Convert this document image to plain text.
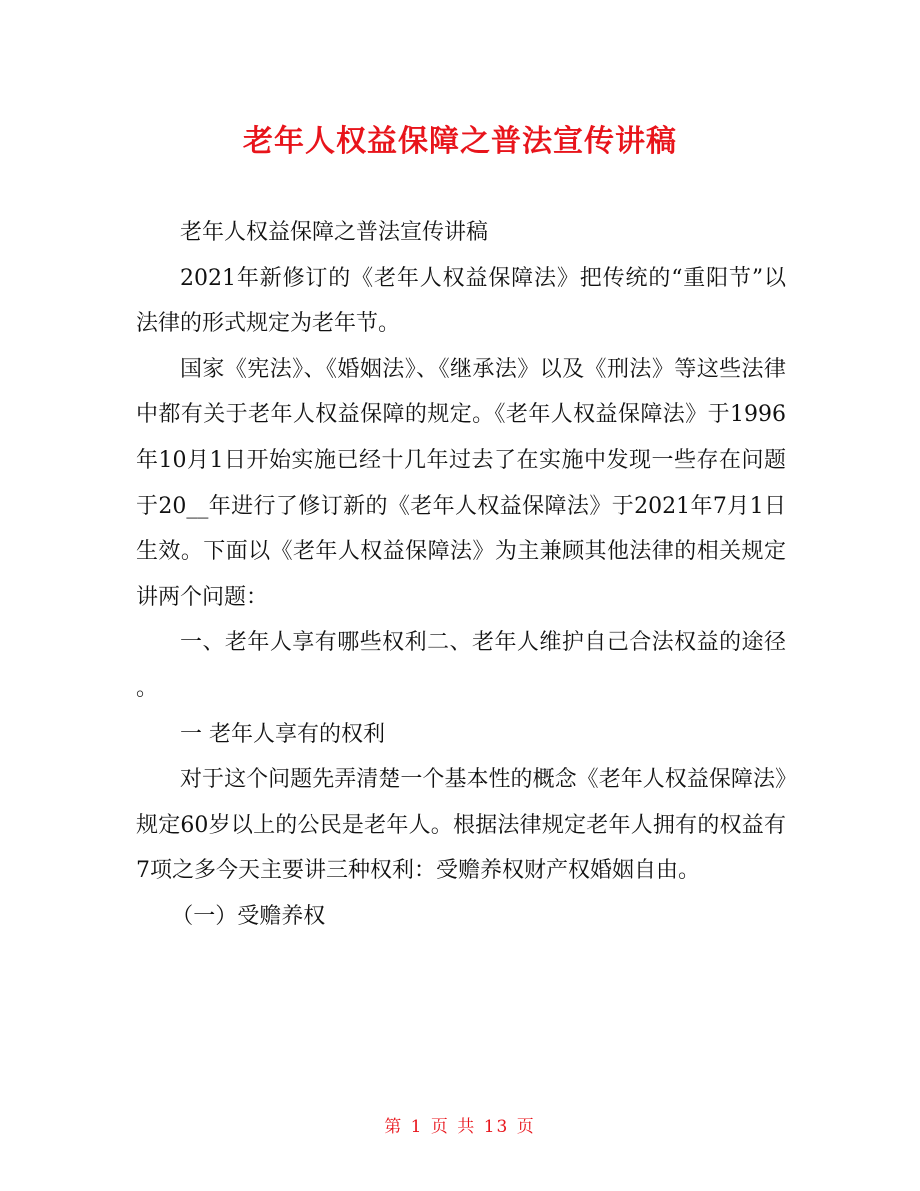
老年人权益保障之普法宣传讲稿

老年人权益保障之普法宣传讲稿

2021年新修订的《老年人权益保障法》把传统的“重阳节”以法律的形式规定为老年节。

国家《宪法》、《婚姻法》、《继承法》以及《刑法》等这些法律中都有关于老年人权益保障的规定。《老年人权益保障法》于1996年10月1日开始实施已经十几年过去了在实施中发现一些存在问题于20__年进行了修订新的《老年人权益保障法》于2021年7月1日生效。下面以《老年人权益保障法》为主兼顾其他法律的相关规定讲两个问题：

一、老年人享有哪些权利二、老年人维护自己合法权益的途径 。

一 老年人享有的权利

对于这个问题先弄清楚一个基本性的概念《老年人权益保障法》规定60岁以上的公民是老年人。根据法律规定老年人拥有的权益有7项之多今天主要讲三种权利：受赡养权财产权婚姻自由。

（一）受赡养权

第 1 页 共 13 页
